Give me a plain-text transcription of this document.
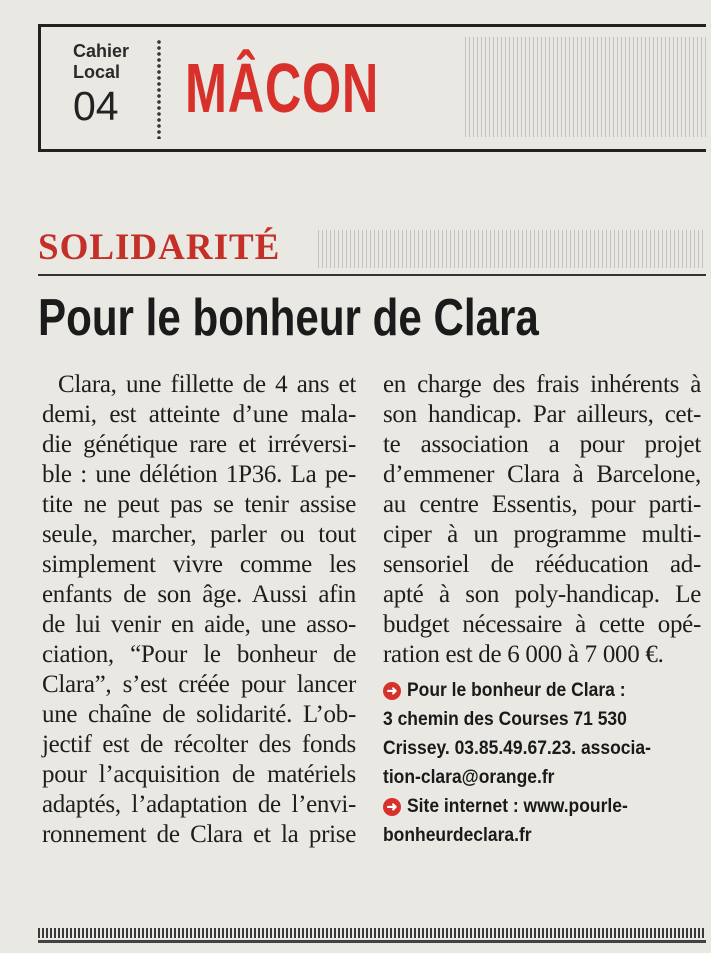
Cahier
Local
04 MÂCON
SOLIDARITÉ
Pour le bonheur de Clara
Clara, une fillette de 4 ans et
demi, est atteinte d’une mala-
die génétique rare et irréversi-
ble : une délétion 1P36. La pe-
tite ne peut pas se tenir assise
seule, marcher, parler ou tout
simplement vivre comme les
enfants de son âge. Aussi afin
de lui venir en aide, une asso-
ciation, “Pour le bonheur de
Clara”, s’est créée pour lancer
une chaîne de solidarité. L’ob-
jectif est de récolter des fonds
pour l’acquisition de matériels
adaptés, l’adaptation de l’envi-
ronnement de Clara et la prise
en charge des frais inhérents à
son handicap. Par ailleurs, cet-
te association a pour projet
d’emmener Clara à Barcelone,
au centre Essentis, pour parti-
ciper à un programme multi-
sensoriel de rééducation ad-
apté à son poly-handicap. Le
budget nécessaire à cette opé-
ration est de 6 000 à 7 000 €.
➜ Pour le bonheur de Clara :
3 chemin des Courses 71 530
Crissey. 03.85.49.67.23. associa-
tion-clara@orange.fr
➜ Site internet : www.pourle-
bonheurdeclara.fr
